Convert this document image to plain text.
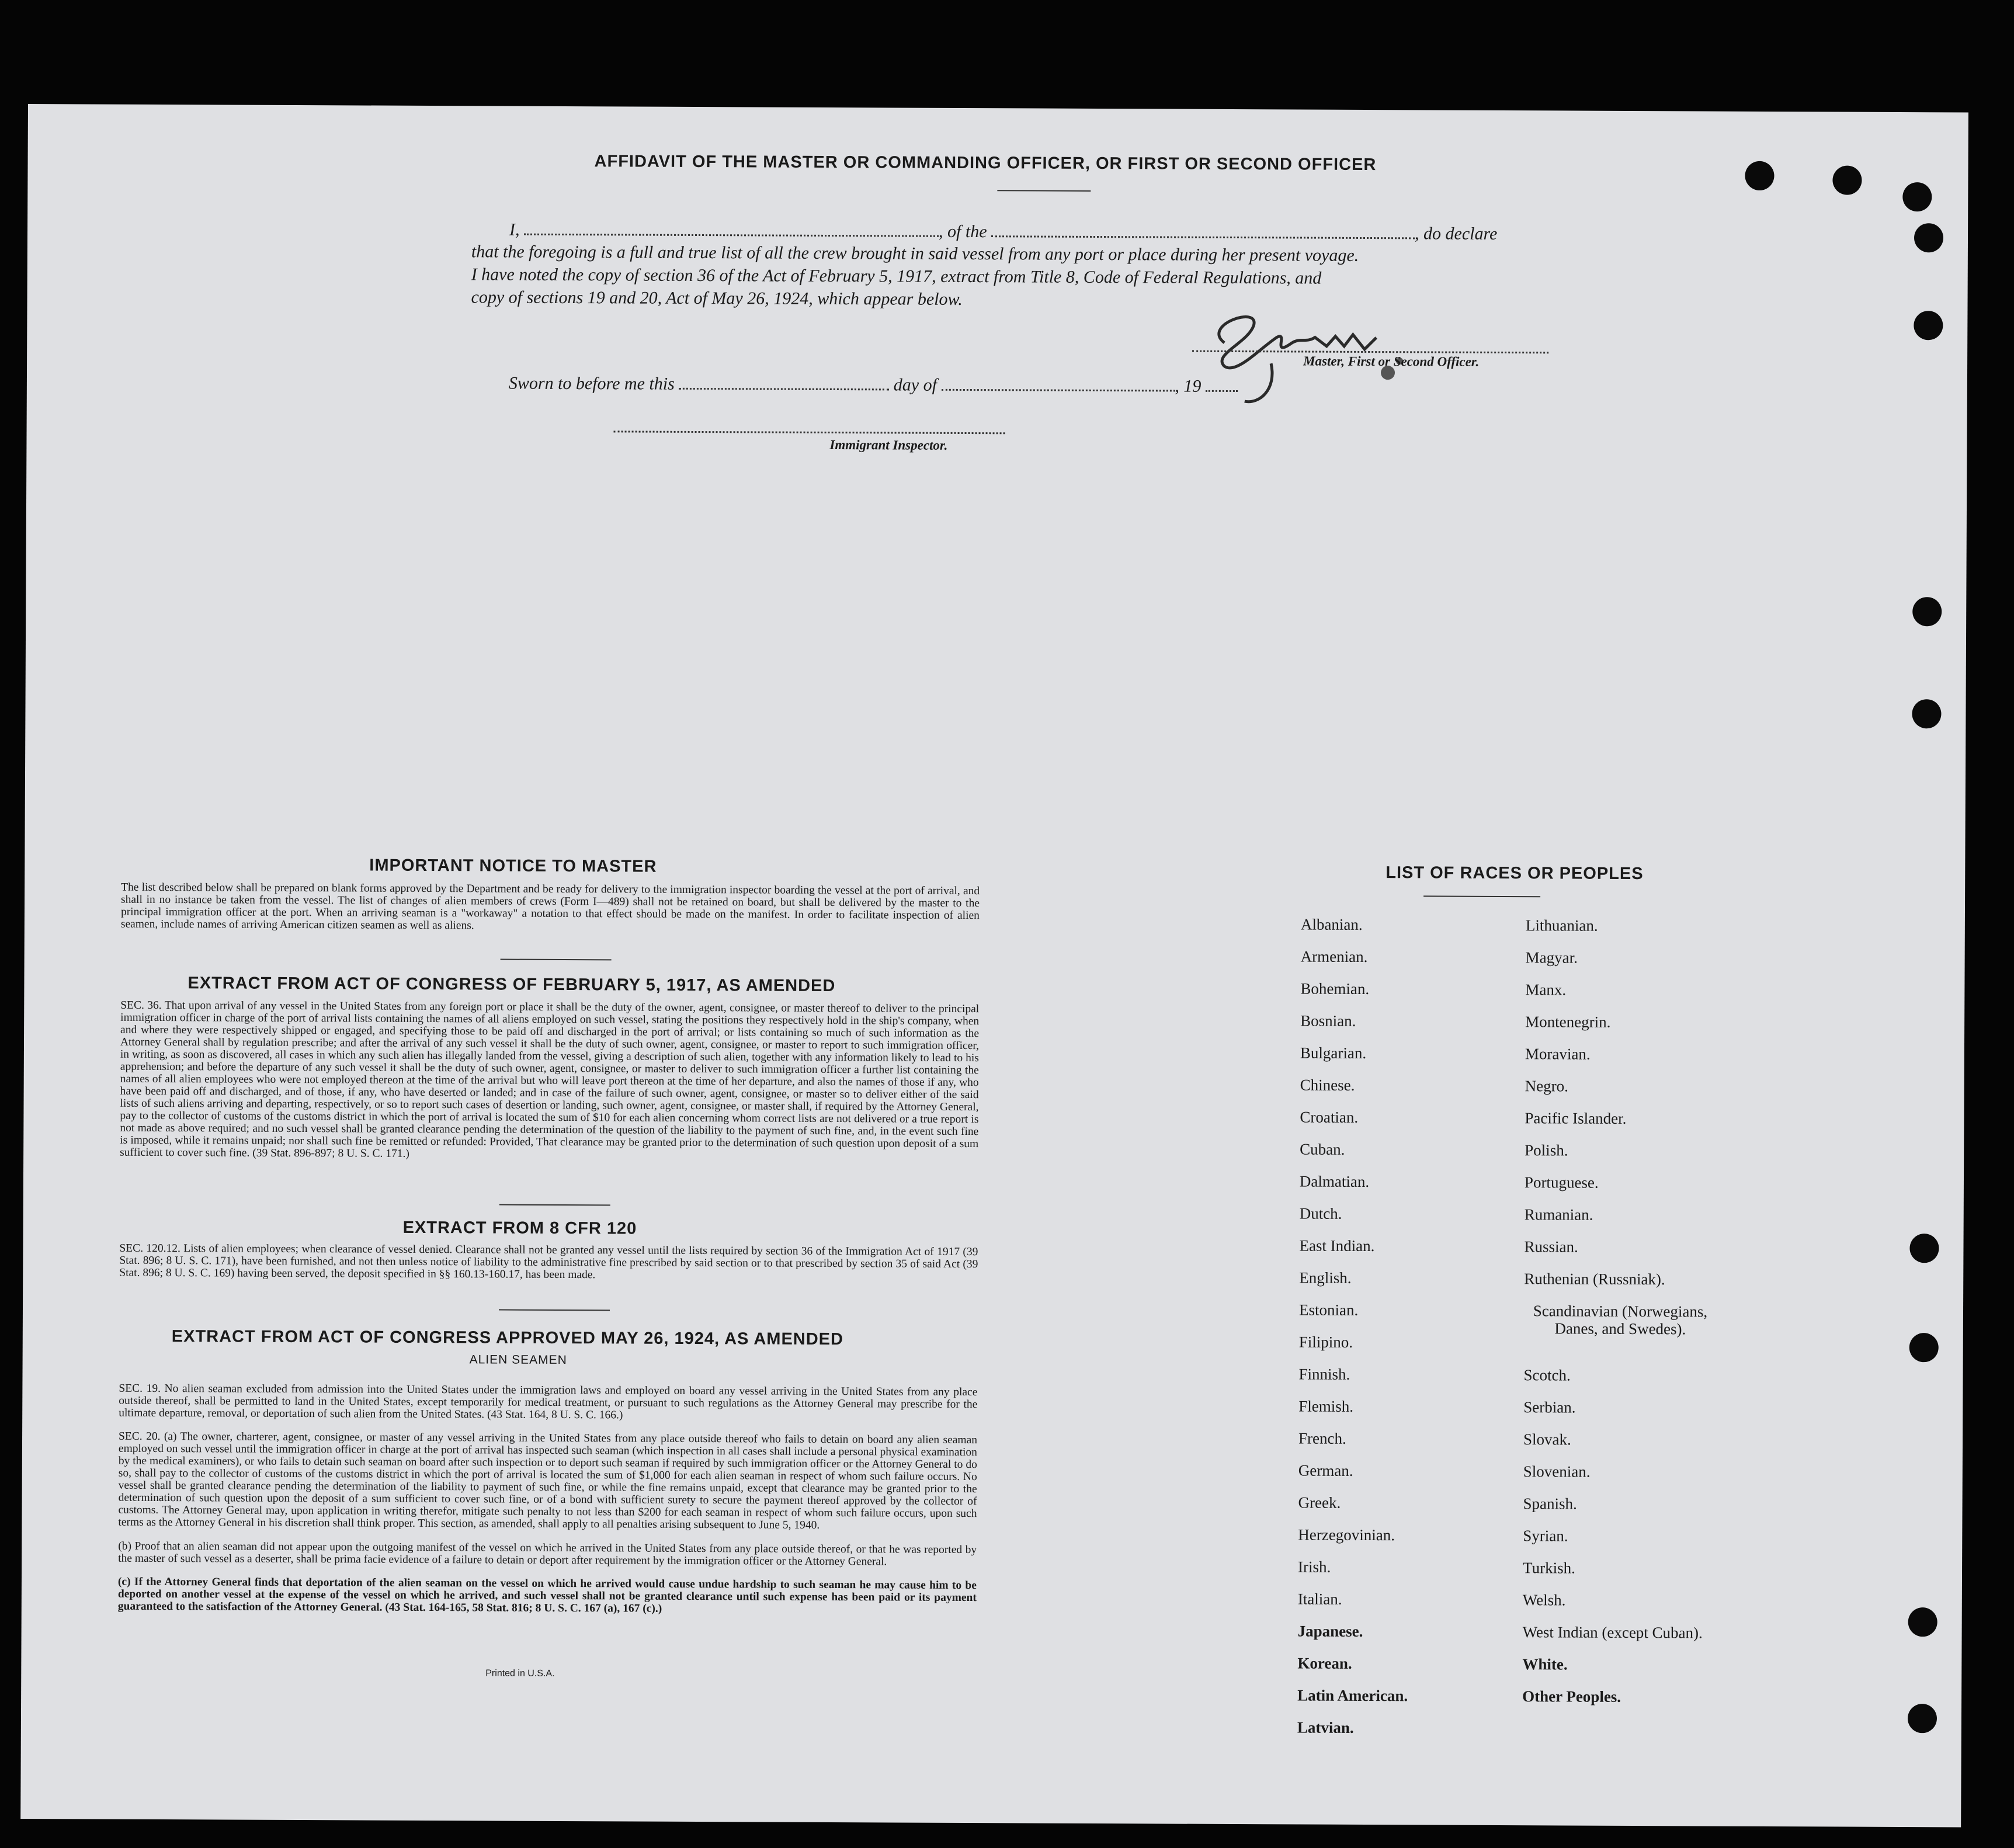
AFFIDAVIT OF THE MASTER OR COMMANDING OFFICER, OR FIRST OR SECOND OFFICER
I,	, of the	, do declare
that the foregoing is a full and true list of all the crew brought in said vessel from any port or place during her present voyage.
I have noted the copy of section 36 of the Act of February 5, 1917, extract from Title 8, Code of Federal Regulations, and
copy of sections 19 and 20, Act of May 26, 1924, which appear below.
Master, First or Second Officer.
Sworn to before me this	day of	, 19
Immigrant Inspector.
IMPORTANT NOTICE TO MASTER
The list described below shall be prepared on blank forms approved by the Department and be ready for delivery to the immigration inspector boarding the vessel at the port of arrival, and shall in no instance be taken from the vessel. The list of changes of alien members of crews (Form I—489) shall not be retained on board, but shall be delivered by the master to the principal immigration officer at the port. When an arriving seaman is a "workaway" a notation to that effect should be made on the manifest. In order to facilitate inspection of alien seamen, include names of arriving American citizen seamen as well as aliens.
EXTRACT FROM ACT OF CONGRESS OF FEBRUARY 5, 1917, AS AMENDED
SEC. 36. That upon arrival of any vessel in the United States from any foreign port or place it shall be the duty of the owner, agent, consignee, or master thereof to deliver to the principal immigration officer in charge of the port of arrival lists containing the names of all aliens employed on such vessel, stating the positions they respectively hold in the ship's company, when and where they were respectively shipped or engaged, and specifying those to be paid off and discharged in the port of arrival; or lists containing so much of such information as the Attorney General shall by regulation prescribe; and after the arrival of any such vessel it shall be the duty of such owner, agent, consignee, or master to report to such immigration officer, in writing, as soon as discovered, all cases in which any such alien has illegally landed from the vessel, giving a description of such alien, together with any information likely to lead to his apprehension; and before the departure of any such vessel it shall be the duty of such owner, agent, consignee, or master to deliver to such immigration officer a further list containing the names of all alien employees who were not employed thereon at the time of the arrival but who will leave port thereon at the time of her departure, and also the names of those if any, who have been paid off and discharged, and of those, if any, who have deserted or landed; and in case of the failure of such owner, agent, consignee, or master so to deliver either of the said lists of such aliens arriving and departing, respectively, or so to report such cases of desertion or landing, such owner, agent, consignee, or master shall, if required by the Attorney General, pay to the collector of customs of the customs district in which the port of arrival is located the sum of $10 for each alien concerning whom correct lists are not delivered or a true report is not made as above required; and no such vessel shall be granted clearance pending the determination of the question of the liability to the payment of such fine, and, in the event such fine is imposed, while it remains unpaid; nor shall such fine be remitted or refunded: Provided, That clearance may be granted prior to the determination of such question upon deposit of a sum sufficient to cover such fine. (39 Stat. 896-897; 8 U. S. C. 171.)
EXTRACT FROM 8 CFR 120
SEC. 120.12. Lists of alien employees; when clearance of vessel denied. Clearance shall not be granted any vessel until the lists required by section 36 of the Immigration Act of 1917 (39 Stat. 896; 8 U. S. C. 171), have been furnished, and not then unless notice of liability to the administrative fine prescribed by said section or to that prescribed by section 35 of said Act (39 Stat. 896; 8 U. S. C. 169) having been served, the deposit specified in §§ 160.13-160.17, has been made.
EXTRACT FROM ACT OF CONGRESS APPROVED MAY 26, 1924, AS AMENDED
ALIEN SEAMEN

SEC. 19. No alien seaman excluded from admission into the United States under the immigration laws and employed on board any vessel arriving in the United States from any place outside thereof, shall be permitted to land in the United States, except temporarily for medical treatment, or pursuant to such regulations as the Attorney General may prescribe for the ultimate departure, removal, or deportation of such alien from the United States. (43 Stat. 164, 8 U. S. C. 166.)

SEC. 20. (a) The owner, charterer, agent, consignee, or master of any vessel arriving in the United States from any place outside thereof who fails to detain on board any alien seaman employed on such vessel until the immigration officer in charge at the port of arrival has inspected such seaman (which inspection in all cases shall include a personal physical examination by the medical examiners), or who fails to detain such seaman on board after such inspection or to deport such seaman if required by such immigration officer or the Attorney General to do so, shall pay to the collector of customs of the customs district in which the port of arrival is located the sum of $1,000 for each alien seaman in respect of whom such failure occurs. No vessel shall be granted clearance pending the determination of the liability to payment of such fine, or while the fine remains unpaid, except that clearance may be granted prior to the determination of such question upon the deposit of a sum sufficient to cover such fine, or of a bond with sufficient surety to secure the payment thereof approved by the collector of customs. The Attorney General may, upon application in writing therefor, mitigate such penalty to not less than $200 for each seaman in respect of whom such failure occurs, upon such terms as the Attorney General in his discretion shall think proper. This section, as amended, shall apply to all penalties arising subsequent to June 5, 1940.

(b) Proof that an alien seaman did not appear upon the outgoing manifest of the vessel on which he arrived in the United States from any place outside thereof, or that he was reported by the master of such vessel as a deserter, shall be prima facie evidence of a failure to detain or deport after requirement by the immigration officer or the Attorney General.

(c) If the Attorney General finds that deportation of the alien seaman on the vessel on which he arrived would cause undue hardship to such seaman he may cause him to be deported on another vessel at the expense of the vessel on which he arrived, and such vessel shall not be granted clearance until such expense has been paid or its payment guaranteed to the satisfaction of the Attorney General. (43 Stat. 164-165, 58 Stat. 816; 8 U. S. C. 167 (a), 167 (c).)

Printed in U.S.A.
LIST OF RACES OR PEOPLES
Albanian.
Armenian.
Bohemian.
Bosnian.
Bulgarian.
Chinese.
Croatian.
Cuban.
Dalmatian.
Dutch.
East Indian.
English.
Estonian.
Filipino.
Finnish.
Flemish.
French.
German.
Greek.
Herzegovinian.
Irish.
Italian.
Japanese.
Korean.
Latin American.
Latvian.
Lithuanian.
Magyar.
Manx.
Montenegrin.
Moravian.
Negro.
Pacific Islander.
Polish.
Portuguese.
Rumanian.
Russian.
Ruthenian (Russniak).
Scandinavian (Norwegians, Danes, and Swedes).
Scotch.
Serbian.
Slovak.
Slovenian.
Spanish.
Syrian.
Turkish.
Welsh.
West Indian (except Cuban).
White.
Other Peoples.
